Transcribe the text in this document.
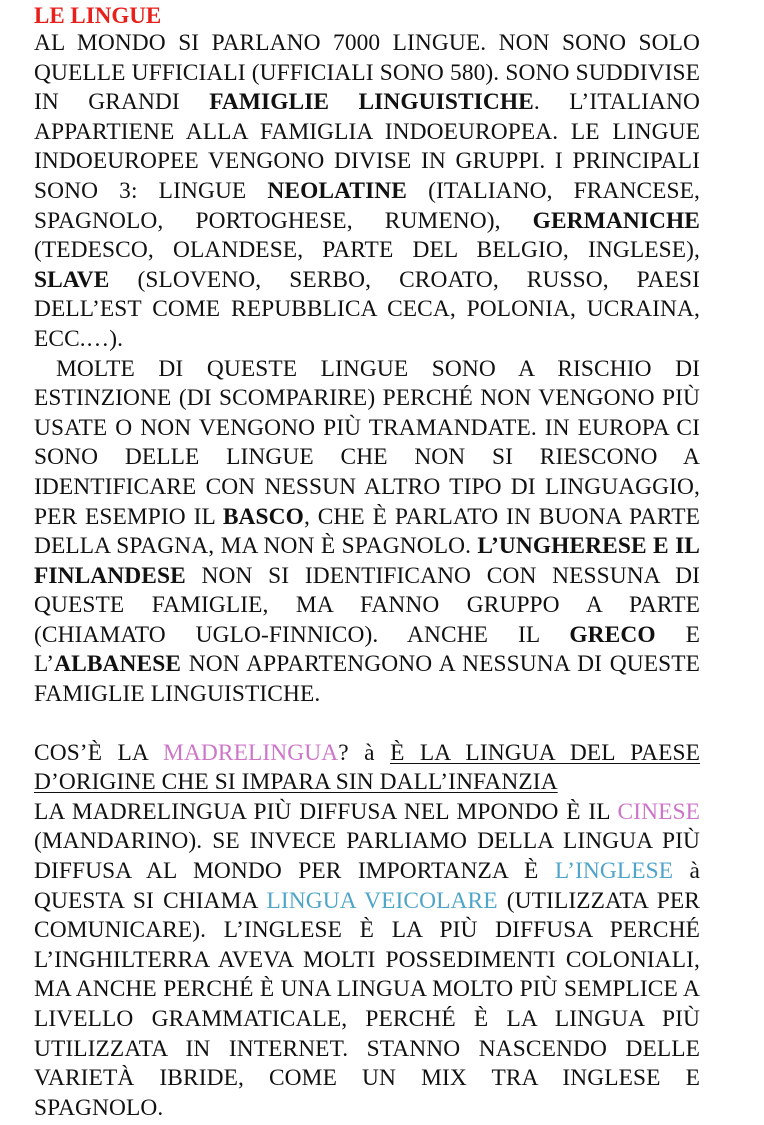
LE LINGUE

AL MONDO SI PARLANO 7000 LINGUE. NON SONO SOLO QUELLE UFFICIALI (UFFICIALI SONO 580). SONO SUDDIVISE IN GRANDI FAMIGLIE LINGUISTICHE. L’ITALIANO APPARTIENE ALLA FAMIGLIA INDOEUROPEA. LE LINGUE INDOEUROPEE VENGONO DIVISE IN GRUPPI. I PRINCIPALI SONO 3: LINGUE NEOLATINE (ITALIANO, FRANCESE, SPAGNOLO, PORTOGHESE, RUMENO), GERMANICHE (TEDESCO, OLANDESE, PARTE DEL BELGIO, INGLESE), SLAVE (SLOVENO, SERBO, CROATO, RUSSO, PAESI DELL’EST COME REPUBBLICA CECA, POLONIA, UCRAINA, ECC.…).

MOLTE DI QUESTE LINGUE SONO A RISCHIO DI ESTINZIONE (DI SCOMPARIRE) PERCHÉ NON VENGONO PIÙ USATE O NON VENGONO PIÙ TRAMANDATE. IN EUROPA CI SONO DELLE LINGUE CHE NON SI RIESCONO A IDENTIFICARE CON NESSUN ALTRO TIPO DI LINGUAGGIO, PER ESEMPIO IL BASCO, CHE È PARLATO IN BUONA PARTE DELLA SPAGNA, MA NON È SPAGNOLO. L’UNGHERESE E IL FINLANDESE NON SI IDENTIFICANO CON NESSUNA DI QUESTE FAMIGLIE, MA FANNO GRUPPO A PARTE (CHIAMATO UGLO-FINNICO). ANCHE IL GRECO E L’ALBANESE NON APPARTENGONO A NESSUNA DI QUESTE FAMIGLIE LINGUISTICHE.

COS’È LA MADRELINGUA? à È LA LINGUA DEL PAESE D’ORIGINE CHE SI IMPARA SIN DALL’INFANZIA

LA MADRELINGUA PIÙ DIFFUSA NEL MPONDO È IL CINESE (MANDARINO). SE INVECE PARLIAMO DELLA LINGUA PIÙ DIFFUSA AL MONDO PER IMPORTANZA È L’INGLESE à QUESTA SI CHIAMA LINGUA VEICOLARE (UTILIZZATA PER COMUNICARE). L’INGLESE È LA PIÙ DIFFUSA PERCHÉ L’INGHILTERRA AVEVA MOLTI POSSEDIMENTI COLONIALI, MA ANCHE PERCHÉ È UNA LINGUA MOLTO PIÙ SEMPLICE A LIVELLO GRAMMATICALE, PERCHÉ È LA LINGUA PIÙ UTILIZZATA IN INTERNET. STANNO NASCENDO DELLE VARIETÀ IBRIDE, COME UN MIX TRA INGLESE E SPAGNOLO.
